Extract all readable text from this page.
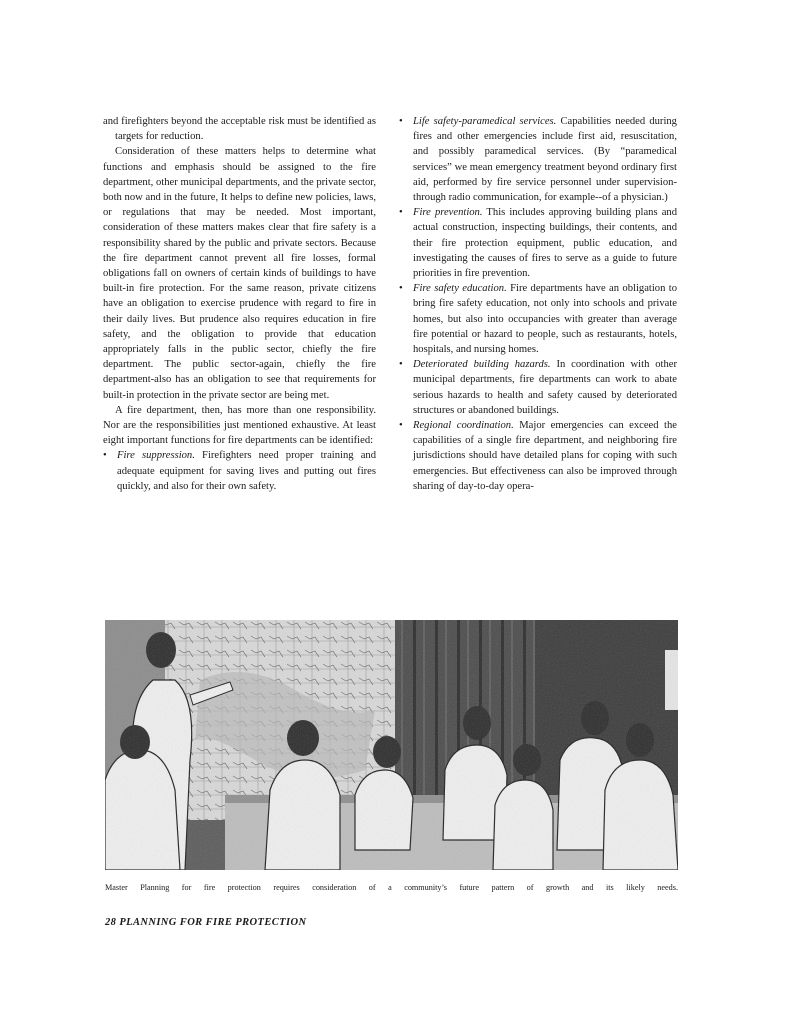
and firefighters beyond the acceptable risk must be identified as targets for reduction.

Consideration of these matters helps to determine what functions and emphasis should be assigned to the fire department, other municipal departments, and the private sector, both now and in the future, It helps to define new policies, laws, or regulations that may be needed. Most important, consideration of these matters makes clear that fire safety is a responsibility shared by the public and private sectors. Because the fire department cannot prevent all fire losses, formal obligations fall on owners of certain kinds of buildings to have built-in fire protection. For the same reason, private citizens have an obligation to exercise prudence with regard to fire in their daily lives. But prudence also requires education in fire safety, and the obligation to provide that education appropriately falls in the public sector, chiefly the fire department. The public sector-again, chiefly the fire department-also has an obligation to see that requirements for built-in protection in the private sector are being met.

A fire department, then, has more than one responsibility. Nor are the responsibilities just mentioned exhaustive. At least eight important functions for fire departments can be identified:

• Fire suppression. Firefighters need proper training and adequate equipment for saving lives and putting out fires quickly, and also for their own safety.

• Life safety-paramedical services. Capabilities needed during fires and other emergencies include first aid, resuscitation, and possibly paramedical services. (By “paramedical services” we mean emergency treatment beyond ordinary first aid, performed by fire service personnel under supervision-through radio communication, for example--of a physician.)

• Fire prevention. This includes approving building plans and actual construction, inspecting buildings, their contents, and their fire protection equipment, public education, and investigating the causes of fires to serve as a guide to future priorities in fire prevention.

• Fire safety education. Fire departments have an obligation to bring fire safety education, not only into schools and private homes, but also into occupancies with greater than average fire potential or hazard to people, such as restaurants, hotels, hospitals, and nursing homes.

• Deteriorated building hazards. In coordination with other municipal departments, fire departments can work to abate serious hazards to health and safety caused by deteriorated structures or abandoned buildings.

• Regional coordination. Major emergencies can exceed the capabilities of a single fire department, and neighboring fire jurisdictions should have detailed plans for coping with such emergencies. But effectiveness can also be improved through sharing of day-to-day opera-

Master Planning for fire protection requires consideration of a community’s future pattern of growth and its likely needs.
28 PLANNING FOR FIRE PROTECTION
